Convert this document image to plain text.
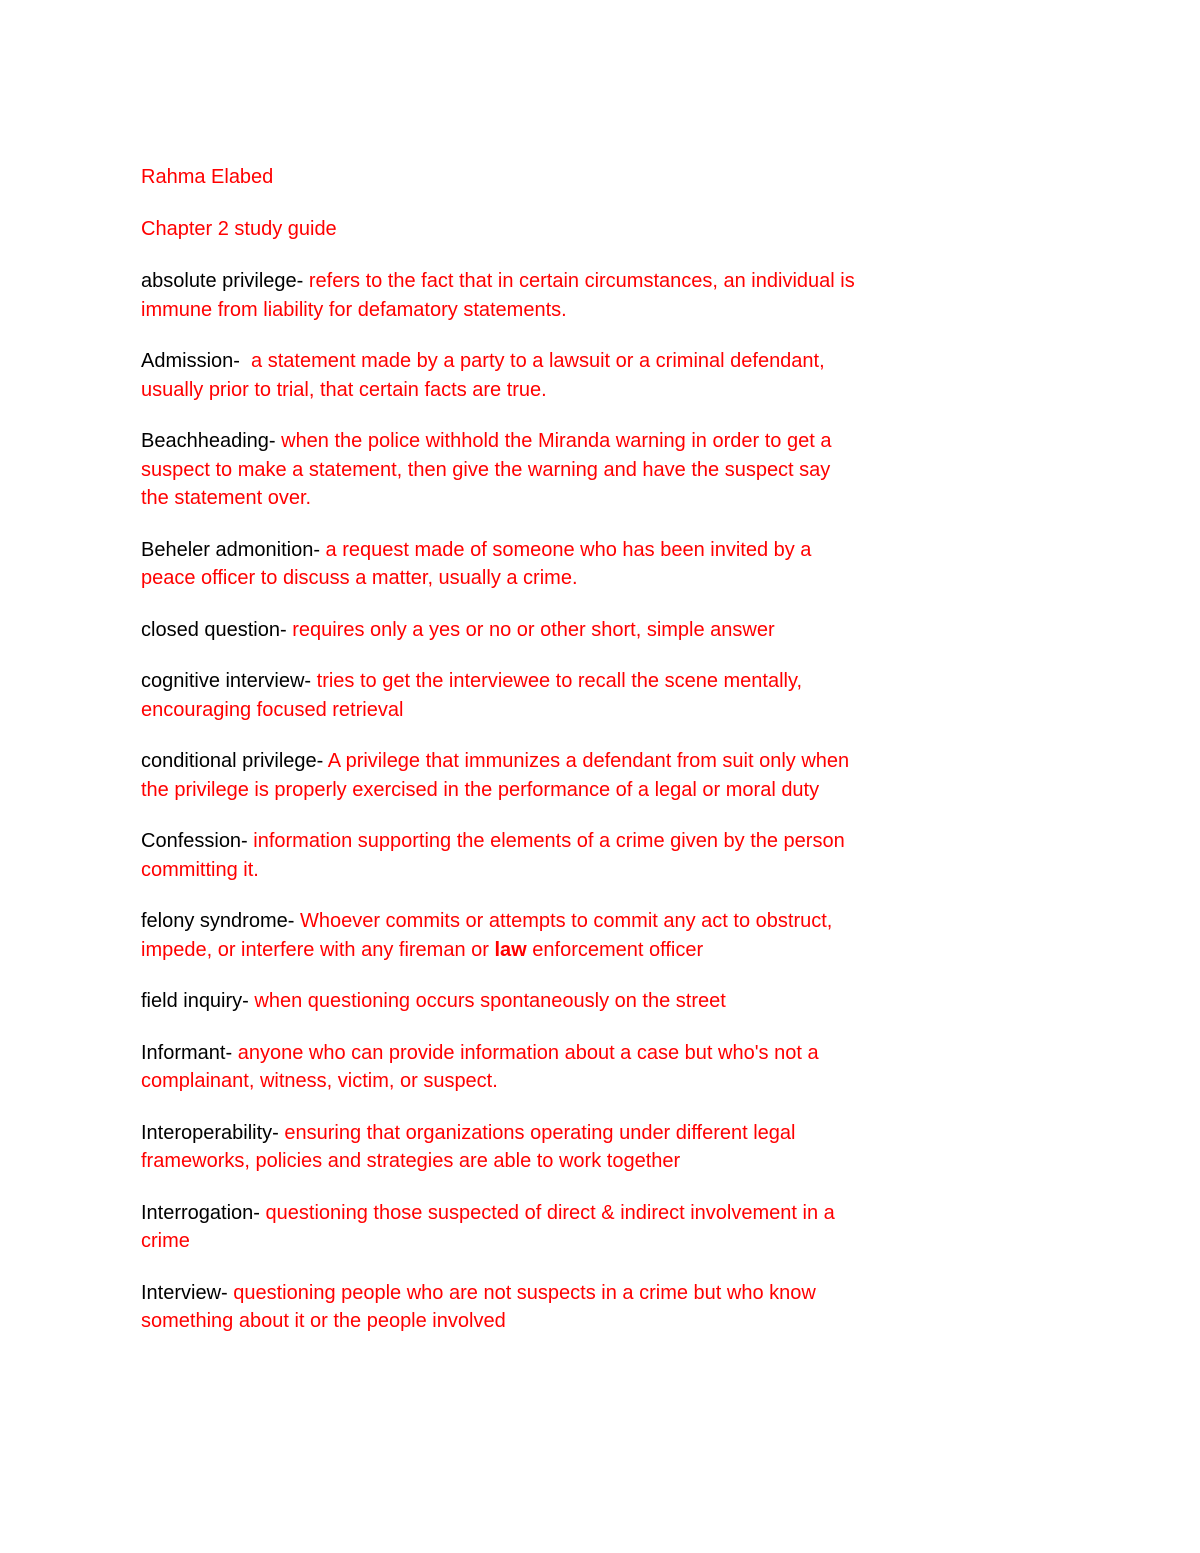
Rahma Elabed

Chapter 2 study guide

absolute privilege- refers to the fact that in certain circumstances, an individual is immune from liability for defamatory statements.

Admission-  a statement made by a party to a lawsuit or a criminal defendant, usually prior to trial, that certain facts are true.

Beachheading- when the police withhold the Miranda warning in order to get a suspect to make a statement, then give the warning and have the suspect say the statement over.

Beheler admonition- a request made of someone who has been invited by a peace officer to discuss a matter, usually a crime.

closed question- requires only a yes or no or other short, simple answer

cognitive interview- tries to get the interviewee to recall the scene mentally, encouraging focused retrieval

conditional privilege- A privilege that immunizes a defendant from suit only when the privilege is properly exercised in the performance of a legal or moral duty

Confession- information supporting the elements of a crime given by the person committing it.

felony syndrome- Whoever commits or attempts to commit any act to obstruct, impede, or interfere with any fireman or law enforcement officer

field inquiry- when questioning occurs spontaneously on the street

Informant- anyone who can provide information about a case but who's not a complainant, witness, victim, or suspect.

Interoperability- ensuring that organizations operating under different legal frameworks, policies and strategies are able to work together

Interrogation- questioning those suspected of direct & indirect involvement in a crime

Interview- questioning people who are not suspects in a crime but who know something about it or the people involved
